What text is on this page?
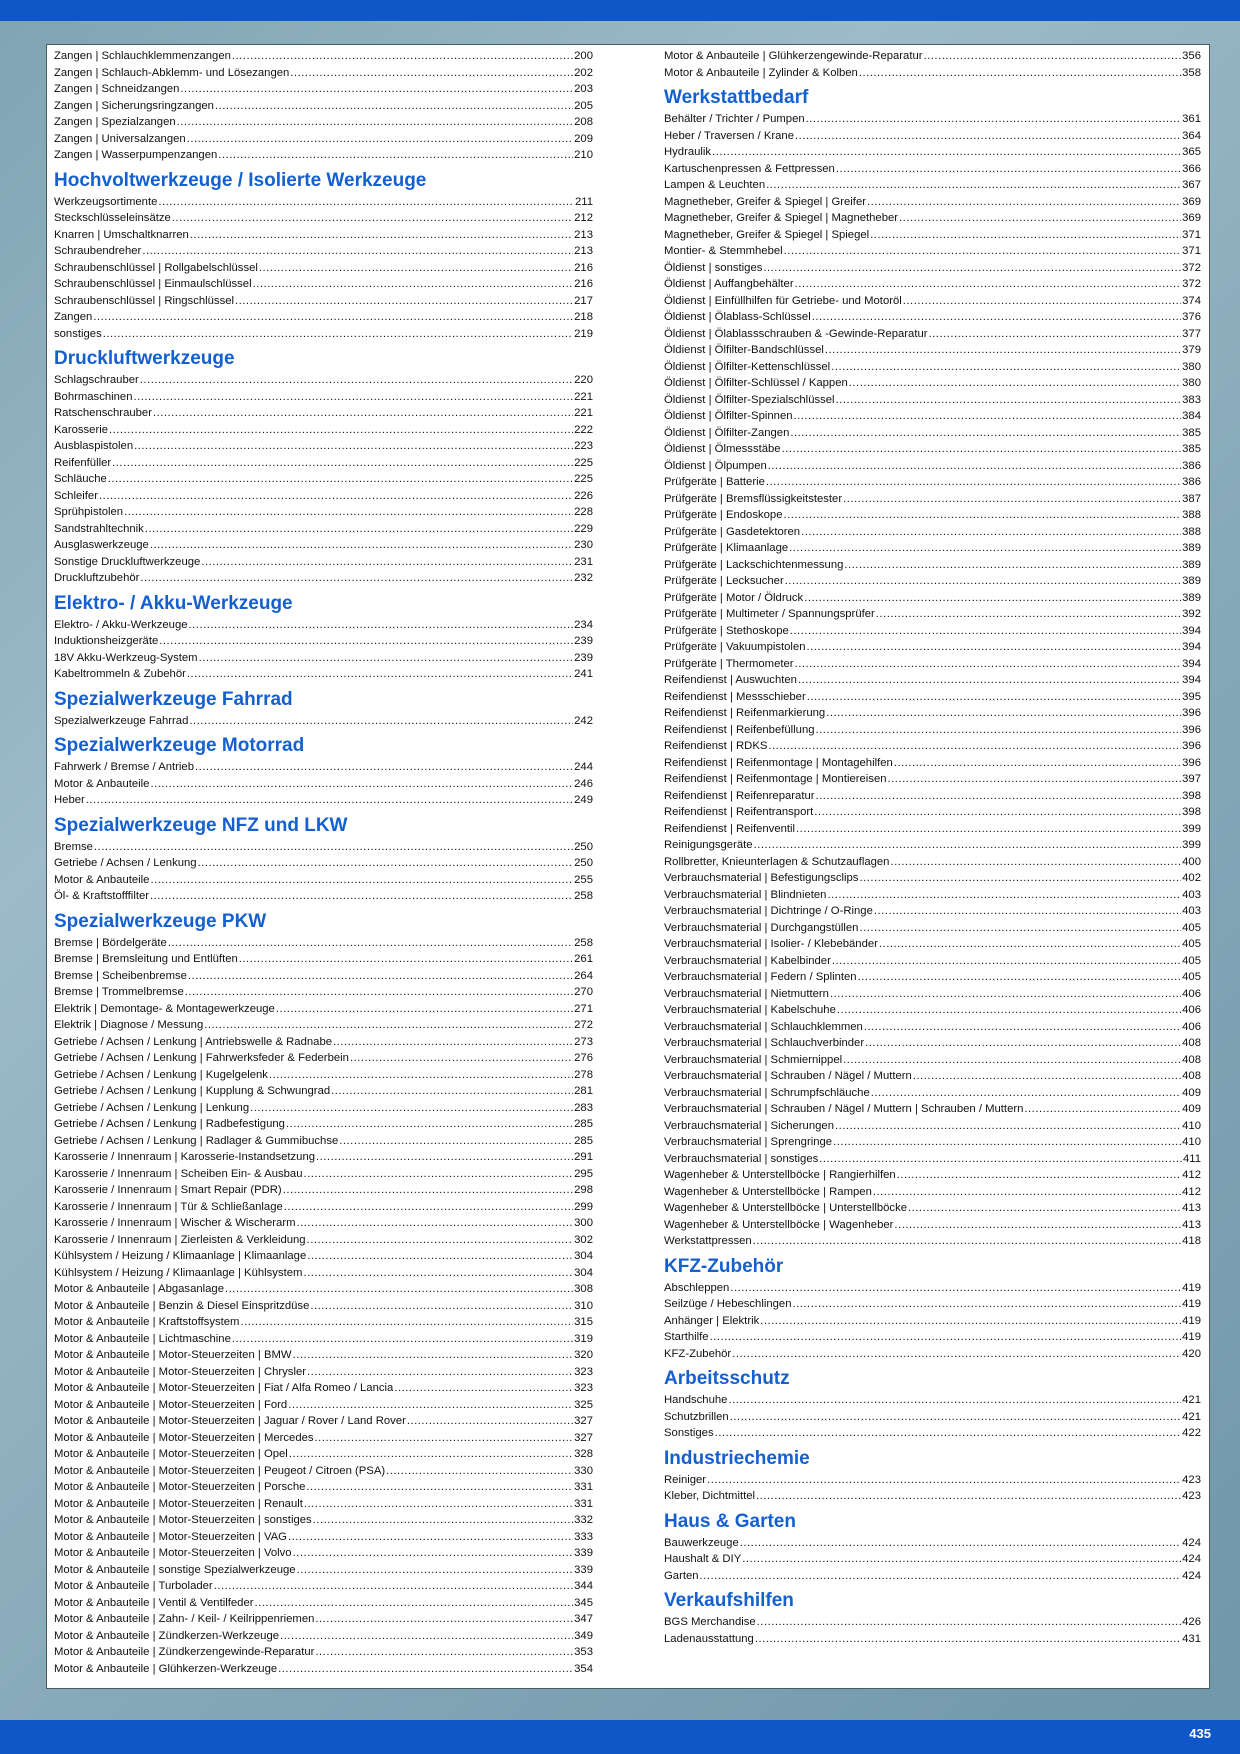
Zangen | Schlauchklemmenzangen .....	200
Zangen | Schlauch-Abklemm- und Lösezangen .....	202
Zangen | Schneidzangen .....	203
Zangen | Sicherungsringzangen .....	205
Zangen | Spezialzangen .....	208
Zangen | Universalzangen .....	209
Zangen | Wasserpumpenzangen .....	210
Hochvoltwerkzeuge / Isolierte Werkzeuge
Werkzeugsortimente .....	211
Steckschlüsseleinsätze .....	212
Knarren | Umschaltknarren .....	213
Schraubendreher .....	213
Schraubenschlüssel | Rollgabelschlüssel .....	216
Schraubenschlüssel | Einmaulschlüssel .....	216
Schraubenschlüssel | Ringschlüssel .....	217
Zangen .....	218
sonstiges .....	219
Druckluftwerkzeuge
Schlagschrauber .....	220
Bohrmaschinen .....	221
Ratschenschrauber .....	221
Karosserie .....	222
Ausblaspistolen .....	223
Reifenfüller .....	225
Schläuche .....	225
Schleifer .....	226
Sprühpistolen .....	228
Sandstrahltechnik .....	229
Ausglaswerkzeuge .....	230
Sonstige Druckluftwerkzeuge .....	231
Druckluftzubehör .....	232
Elektro- / Akku-Werkzeuge
Elektro- / Akku-Werkzeuge .....	234
Induktionsheizgeräte .....	239
18V Akku-Werkzeug-System .....	239
Kabeltrommeln & Zubehör .....	241
Spezialwerkzeuge Fahrrad
Spezialwerkzeuge Fahrrad .....	242
Spezialwerkzeuge Motorrad
Fahrwerk / Bremse / Antrieb .....	244
Motor & Anbauteile .....	246
Heber .....	249
Spezialwerkzeuge NFZ und LKW
Bremse .....	250
Getriebe / Achsen / Lenkung .....	250
Motor & Anbauteile .....	255
Öl- & Kraftstofffilter .....	258
Spezialwerkzeuge PKW
Bremse | Bördelgeräte .....	258
Bremse | Bremsleitung und Entlüften .....	261
Bremse | Scheibenbremse .....	264
Bremse | Trommelbremse .....	270
Elektrik | Demontage- & Montagewerkzeuge .....	271
Elektrik | Diagnose / Messung .....	272
Getriebe / Achsen / Lenkung | Antriebswelle & Radnabe .....	273
Getriebe / Achsen / Lenkung | Fahrwerksfeder & Federbein .....	276
Getriebe / Achsen / Lenkung | Kugelgelenk .....	278
Getriebe / Achsen / Lenkung | Kupplung & Schwungrad .....	281
Getriebe / Achsen / Lenkung | Lenkung .....	283
Getriebe / Achsen / Lenkung | Radbefestigung .....	285
Getriebe / Achsen / Lenkung | Radlager & Gummibuchse .....	285
Karosserie / Innenraum | Karosserie-Instandsetzung .....	291
Karosserie / Innenraum | Scheiben Ein- & Ausbau .....	295
Karosserie / Innenraum | Smart Repair (PDR) .....	298
Karosserie / Innenraum | Tür & Schließanlage .....	299
Karosserie / Innenraum | Wischer & Wischerarm .....	300
Karosserie / Innenraum | Zierleisten & Verkleidung .....	302
Kühlsystem / Heizung / Klimaanlage | Klimaanlage .....	304
Kühlsystem / Heizung / Klimaanlage | Kühlsystem .....	304
Motor & Anbauteile | Abgasanlage .....	308
Motor & Anbauteile | Benzin & Diesel Einspritzdüse .....	310
Motor & Anbauteile | Kraftstoffsystem .....	315
Motor & Anbauteile | Lichtmaschine .....	319
Motor & Anbauteile | Motor-Steuerzeiten | BMW .....	320
Motor & Anbauteile | Motor-Steuerzeiten | Chrysler .....	323
Motor & Anbauteile | Motor-Steuerzeiten | Fiat / Alfa Romeo / Lancia .....	323
Motor & Anbauteile | Motor-Steuerzeiten | Ford .....	325
Motor & Anbauteile | Motor-Steuerzeiten | Jaguar / Rover / Land Rover .....	327
Motor & Anbauteile | Motor-Steuerzeiten | Mercedes .....	327
Motor & Anbauteile | Motor-Steuerzeiten | Opel .....	328
Motor & Anbauteile | Motor-Steuerzeiten | Peugeot / Citroen (PSA) .....	330
Motor & Anbauteile | Motor-Steuerzeiten | Porsche .....	331
Motor & Anbauteile | Motor-Steuerzeiten | Renault .....	331
Motor & Anbauteile | Motor-Steuerzeiten | sonstiges .....	332
Motor & Anbauteile | Motor-Steuerzeiten | VAG .....	333
Motor & Anbauteile | Motor-Steuerzeiten | Volvo .....	339
Motor & Anbauteile | sonstige Spezialwerkzeuge .....	339
Motor & Anbauteile | Turbolader .....	344
Motor & Anbauteile | Ventil & Ventilfeder .....	345
Motor & Anbauteile | Zahn- / Keil- / Keilrippenriemen .....	347
Motor & Anbauteile | Zündkerzen-Werkzeuge .....	349
Motor & Anbauteile | Zündkerzengewinde-Reparatur .....	353
Motor & Anbauteile | Glühkerzen-Werkzeuge .....	354
Motor & Anbauteile | Glühkerzengewinde-Reparatur .....	356
Motor & Anbauteile | Zylinder & Kolben .....	358
Werkstattbedarf
Behälter / Trichter / Pumpen .....	361
Heber / Traversen / Krane .....	364
Hydraulik .....	365
Kartuschenpressen & Fettpressen .....	366
Lampen & Leuchten .....	367
Magnetheber, Greifer & Spiegel | Greifer .....	369
Magnetheber, Greifer & Spiegel | Magnetheber .....	369
Magnetheber, Greifer & Spiegel | Spiegel .....	371
Montier- & Stemmhebel .....	371
Öldienst | sonstiges .....	372
Öldienst | Auffangbehälter .....	372
Öldienst | Einfüllhilfen für Getriebe- und Motoröl .....	374
Öldienst | Ölablass-Schlüssel .....	376
Öldienst | Ölablassschrauben & -Gewinde-Reparatur .....	377
Öldienst | Ölfilter-Bandschlüssel .....	379
Öldienst | Ölfilter-Kettenschlüssel .....	380
Öldienst | Ölfilter-Schlüssel / Kappen .....	380
Öldienst | Ölfilter-Spezialschlüssel .....	383
Öldienst | Ölfilter-Spinnen .....	384
Öldienst | Ölfilter-Zangen .....	385
Öldienst | Ölmessstäbe .....	385
Öldienst | Ölpumpen .....	386
Prüfgeräte | Batterie .....	386
Prüfgeräte | Bremsflüssigkeitstester .....	387
Prüfgeräte | Endoskope .....	388
Prüfgeräte | Gasdetektoren .....	388
Prüfgeräte | Klimaanlage .....	389
Prüfgeräte | Lackschichtenmessung .....	389
Prüfgeräte | Lecksucher .....	389
Prüfgeräte | Motor / Öldruck .....	389
Prüfgeräte | Multimeter / Spannungsprüfer .....	392
Prüfgeräte | Stethoskope .....	394
Prüfgeräte | Vakuumpistolen .....	394
Prüfgeräte | Thermometer .....	394
Reifendienst | Auswuchten .....	394
Reifendienst | Messschieber .....	395
Reifendienst | Reifenmarkierung .....	396
Reifendienst | Reifenbefüllung .....	396
Reifendienst | RDKS .....	396
Reifendienst | Reifenmontage | Montagehilfen .....	396
Reifendienst | Reifenmontage | Montiereisen .....	397
Reifendienst | Reifenreparatur .....	398
Reifendienst | Reifentransport .....	398
Reifendienst | Reifenventil .....	399
Reinigungsgeräte .....	399
Rollbretter, Knieunterlagen & Schutzauflagen .....	400
Verbrauchsmaterial | Befestigungsclips .....	402
Verbrauchsmaterial | Blindnieten .....	403
Verbrauchsmaterial | Dichtringe / O-Ringe .....	403
Verbrauchsmaterial | Durchgangstüllen .....	405
Verbrauchsmaterial | Isolier- / Klebebänder .....	405
Verbrauchsmaterial | Kabelbinder .....	405
Verbrauchsmaterial | Federn / Splinten .....	405
Verbrauchsmaterial | Nietmuttern .....	406
Verbrauchsmaterial | Kabelschuhe .....	406
Verbrauchsmaterial | Schlauchklemmen .....	406
Verbrauchsmaterial | Schlauchverbinder .....	408
Verbrauchsmaterial | Schmiernippel .....	408
Verbrauchsmaterial | Schrauben / Nägel / Muttern .....	408
Verbrauchsmaterial | Schrumpfschläuche .....	409
Verbrauchsmaterial | Schrauben / Nägel / Muttern | Schrauben / Muttern .....	409
Verbrauchsmaterial | Sicherungen .....	410
Verbrauchsmaterial | Sprengringe .....	410
Verbrauchsmaterial | sonstiges .....	411
Wagenheber & Unterstellböcke | Rangierhilfen .....	412
Wagenheber & Unterstellböcke | Rampen .....	412
Wagenheber & Unterstellböcke | Unterstellböcke .....	413
Wagenheber & Unterstellböcke | Wagenheber .....	413
Werkstattpressen .....	418
KFZ-Zubehör
Abschleppen .....	419
Seilzüge / Hebeschlingen .....	419
Anhänger | Elektrik .....	419
Starthilfe .....	419
KFZ-Zubehör .....	420
Arbeitsschutz
Handschuhe .....	421
Schutzbrillen .....	421
Sonstiges .....	422
Industriechemie
Reiniger .....	423
Kleber, Dichtmittel .....	423
Haus & Garten
Bauwerkzeuge .....	424
Haushalt & DIY .....	424
Garten .....	424
Verkaufshilfen
BGS Merchandise .....	426
Ladenausstattung .....	431
435
